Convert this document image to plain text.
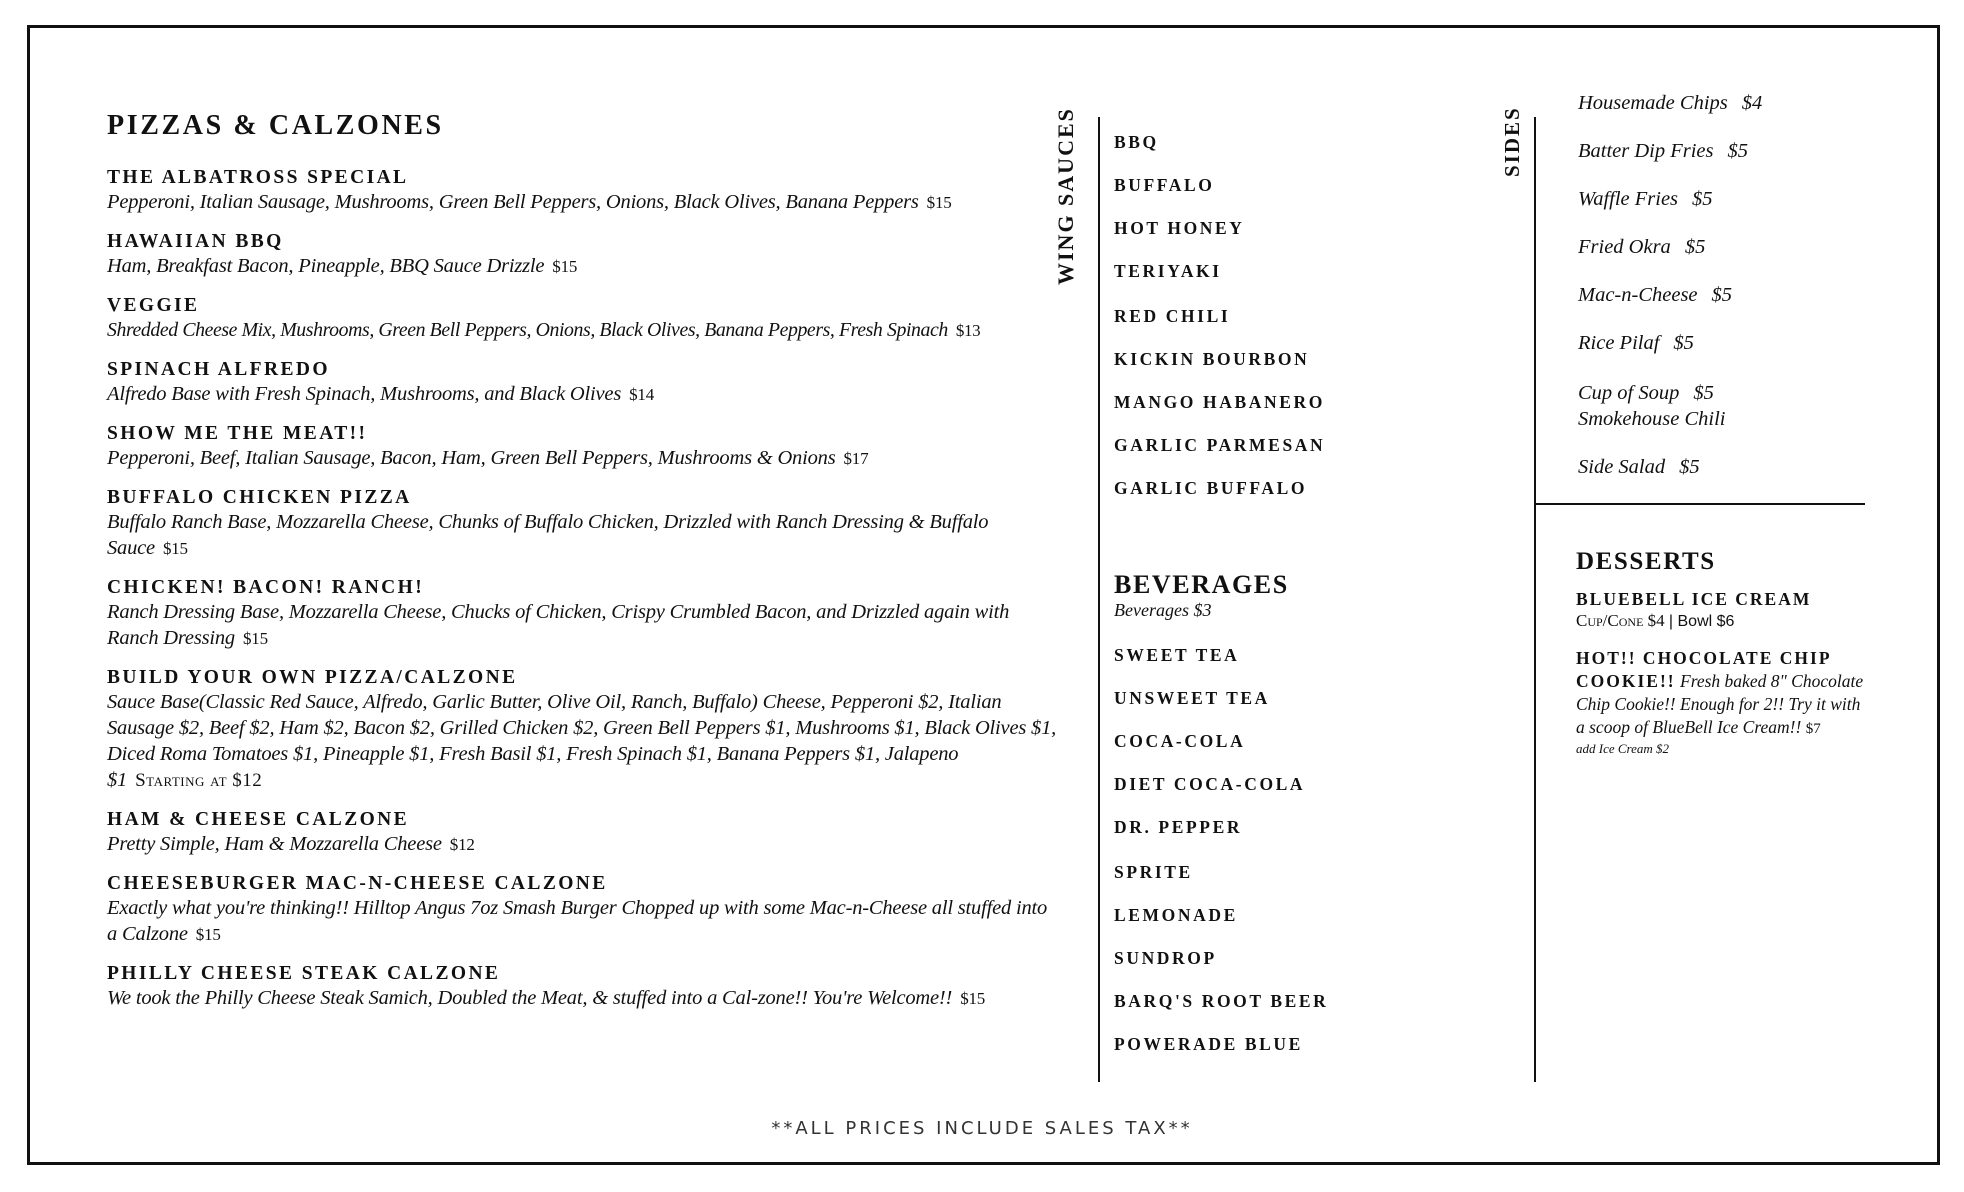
PIZZAS & CALZONES
THE ALBATROSS SPECIAL
Pepperoni, Italian Sausage, Mushrooms, Green Bell Peppers, Onions, Black Olives, Banana Peppers $15
HAWAIIAN BBQ
Ham, Breakfast Bacon, Pineapple, BBQ Sauce Drizzle $15
VEGGIE
Shredded Cheese Mix, Mushrooms, Green Bell Peppers, Onions, Black Olives, Banana Peppers, Fresh Spinach $13
SPINACH ALFREDO
Alfredo Base with Fresh Spinach, Mushrooms, and Black Olives $14
SHOW ME THE MEAT!!
Pepperoni, Beef, Italian Sausage, Bacon, Ham, Green Bell Peppers, Mushrooms & Onions $17
BUFFALO CHICKEN PIZZA
Buffalo Ranch Base, Mozzarella Cheese, Chunks of Buffalo Chicken, Drizzled with Ranch Dressing & Buffalo Sauce $15
CHICKEN! BACON! RANCH!
Ranch Dressing Base, Mozzarella Cheese, Chucks of Chicken, Crispy Crumbled Bacon, and Drizzled again with Ranch Dressing $15
BUILD YOUR OWN PIZZA/CALZONE
Sauce Base(Classic Red Sauce, Alfredo, Garlic Butter, Olive Oil, Ranch, Buffalo) Cheese, Pepperoni $2, Italian Sausage $2, Beef $2, Ham $2, Bacon $2, Grilled Chicken $2, Green Bell Peppers $1, Mushrooms $1, Black Olives $1, Diced Roma Tomatoes $1, Pineapple $1, Fresh Basil $1, Fresh Spinach $1, Banana Peppers $1, Jalapeno $1 Starting at $12
HAM & CHEESE CALZONE
Pretty Simple, Ham & Mozzarella Cheese $12
CHEESEBURGER MAC-N-CHEESE CALZONE
Exactly what you're thinking!! Hilltop Angus 7oz Smash Burger Chopped up with some Mac-n-Cheese all stuffed into a Calzone $15
PHILLY CHEESE STEAK CALZONE
We took the Philly Cheese Steak Samich, Doubled the Meat, & stuffed into a Cal-zone!! You're Welcome!! $15
WING SAUCES BBQ
BUFFALO
HOT HONEY
TERIYAKI
RED CHILI
KICKIN BOURBON
MANGO HABANERO
GARLIC PARMESAN
GARLIC BUFFALO
BEVERAGES
Beverages $3
SWEET TEA
UNSWEET TEA
COCA-COLA
DIET COCA-COLA
DR. PEPPER
SPRITE
LEMONADE
SUNDROP
BARQ'S ROOT BEER
POWERADE BLUE
SIDES
Housemade Chips $4
Batter Dip Fries $5
Waffle Fries $5
Fried Okra $5
Mac-n-Cheese $5
Rice Pilaf $5
Cup of Soup $5
Smokehouse Chili
Side Salad $5
DESSERTS
BLUEBELL ICE CREAM
Cup/Cone $4 | Bowl $6
HOT!! CHOCOLATE CHIP COOKIE!! Fresh baked 8" Chocolate Chip Cookie!! Enough for 2!! Try it with a scoop of BlueBell Ice Cream!! $7
add Ice Cream $2
**ALL PRICES INCLUDE SALES TAX**
